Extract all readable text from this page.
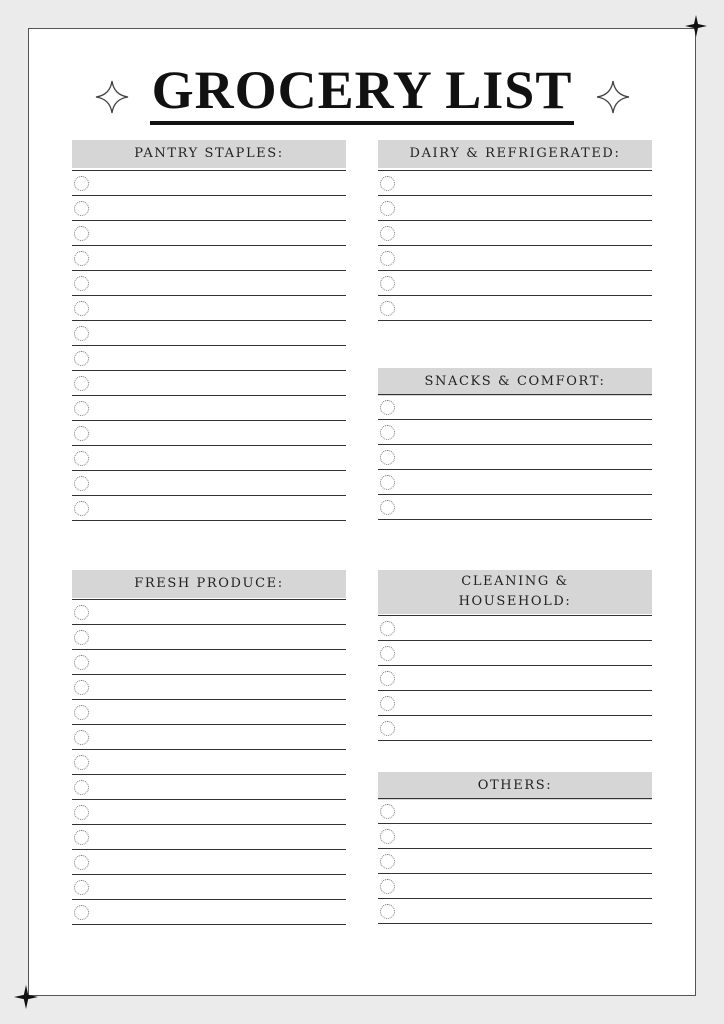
GROCERY LIST
PANTRY STAPLES:	DAIRY & REFRIGERATED:
SNACKS & COMFORT:
FRESH PRODUCE:	CLEANING & HOUSEHOLD:
OTHERS:
